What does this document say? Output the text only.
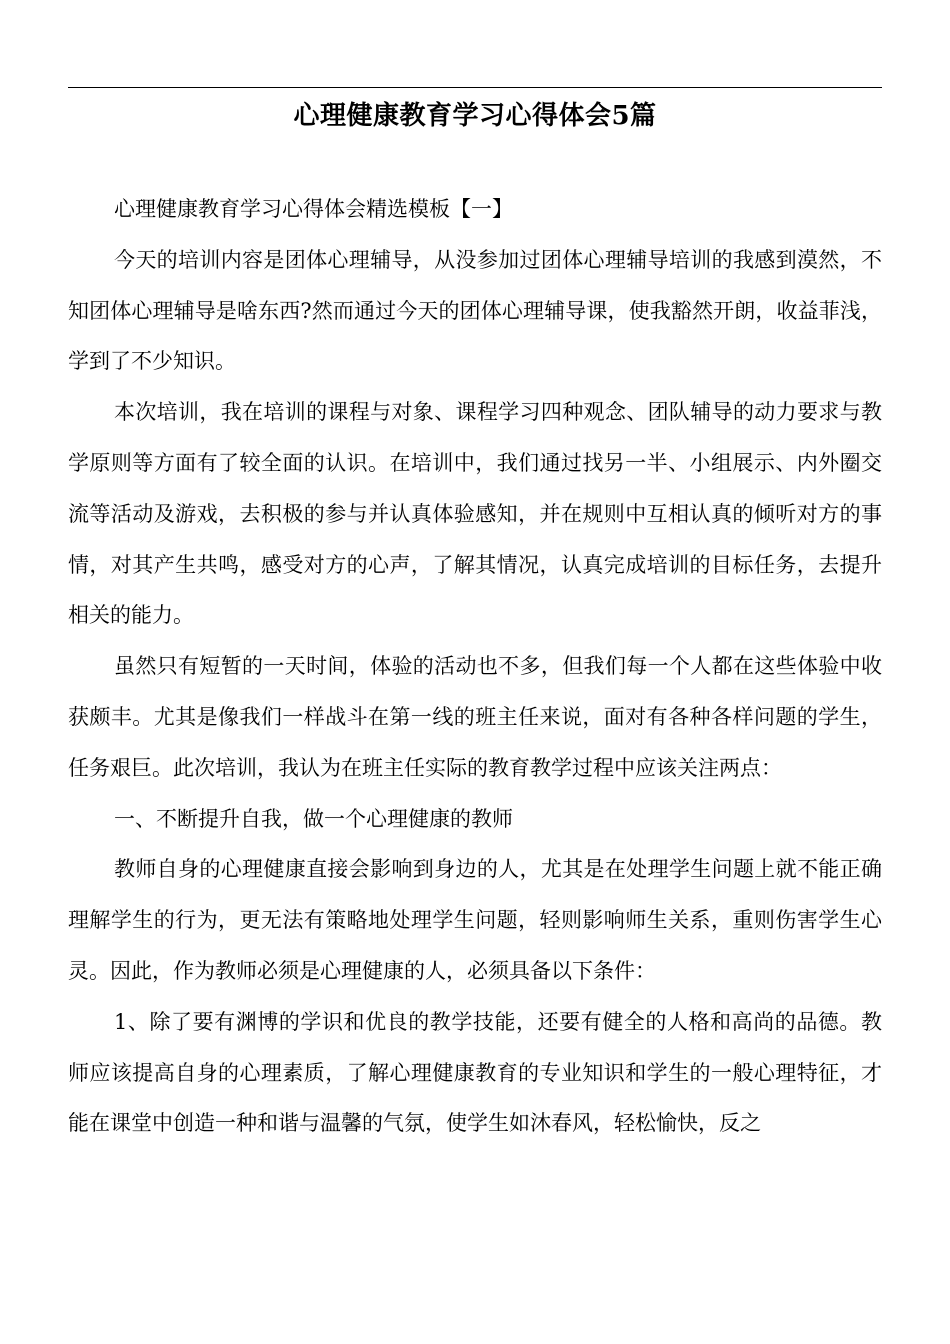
心理健康教育学习心得体会5篇

心理健康教育学习心得体会精选模板【一】

今天的培训内容是团体心理辅导，从没参加过团体心理辅导培训的我感到漠然，不知团体心理辅导是啥东西?然而通过今天的团体心理辅导课，使我豁然开朗，收益菲浅，学到了不少知识。

本次培训，我在培训的课程与对象、课程学习四种观念、团队辅导的动力要求与教学原则等方面有了较全面的认识。在培训中，我们通过找另一半、小组展示、内外圈交流等活动及游戏，去积极的参与并认真体验感知，并在规则中互相认真的倾听对方的事情，对其产生共鸣，感受对方的心声，了解其情况，认真完成培训的目标任务，去提升相关的能力。

虽然只有短暂的一天时间，体验的活动也不多，但我们每一个人都在这些体验中收获颇丰。尤其是像我们一样战斗在第一线的班主任来说，面对有各种各样问题的学生，任务艰巨。此次培训，我认为在班主任实际的教育教学过程中应该关注两点：

一、不断提升自我，做一个心理健康的教师

教师自身的心理健康直接会影响到身边的人，尤其是在处理学生问题上就不能正确理解学生的行为，更无法有策略地处理学生问题，轻则影响师生关系，重则伤害学生心灵。因此，作为教师必须是心理健康的人，必须具备以下条件：

1、除了要有渊博的学识和优良的教学技能，还要有健全的人格和高尚的品德。教师应该提高自身的心理素质，了解心理健康教育的专业知识和学生的一般心理特征，才能在课堂中创造一种和谐与温馨的气氛，使学生如沐春风，轻松愉快，反之
